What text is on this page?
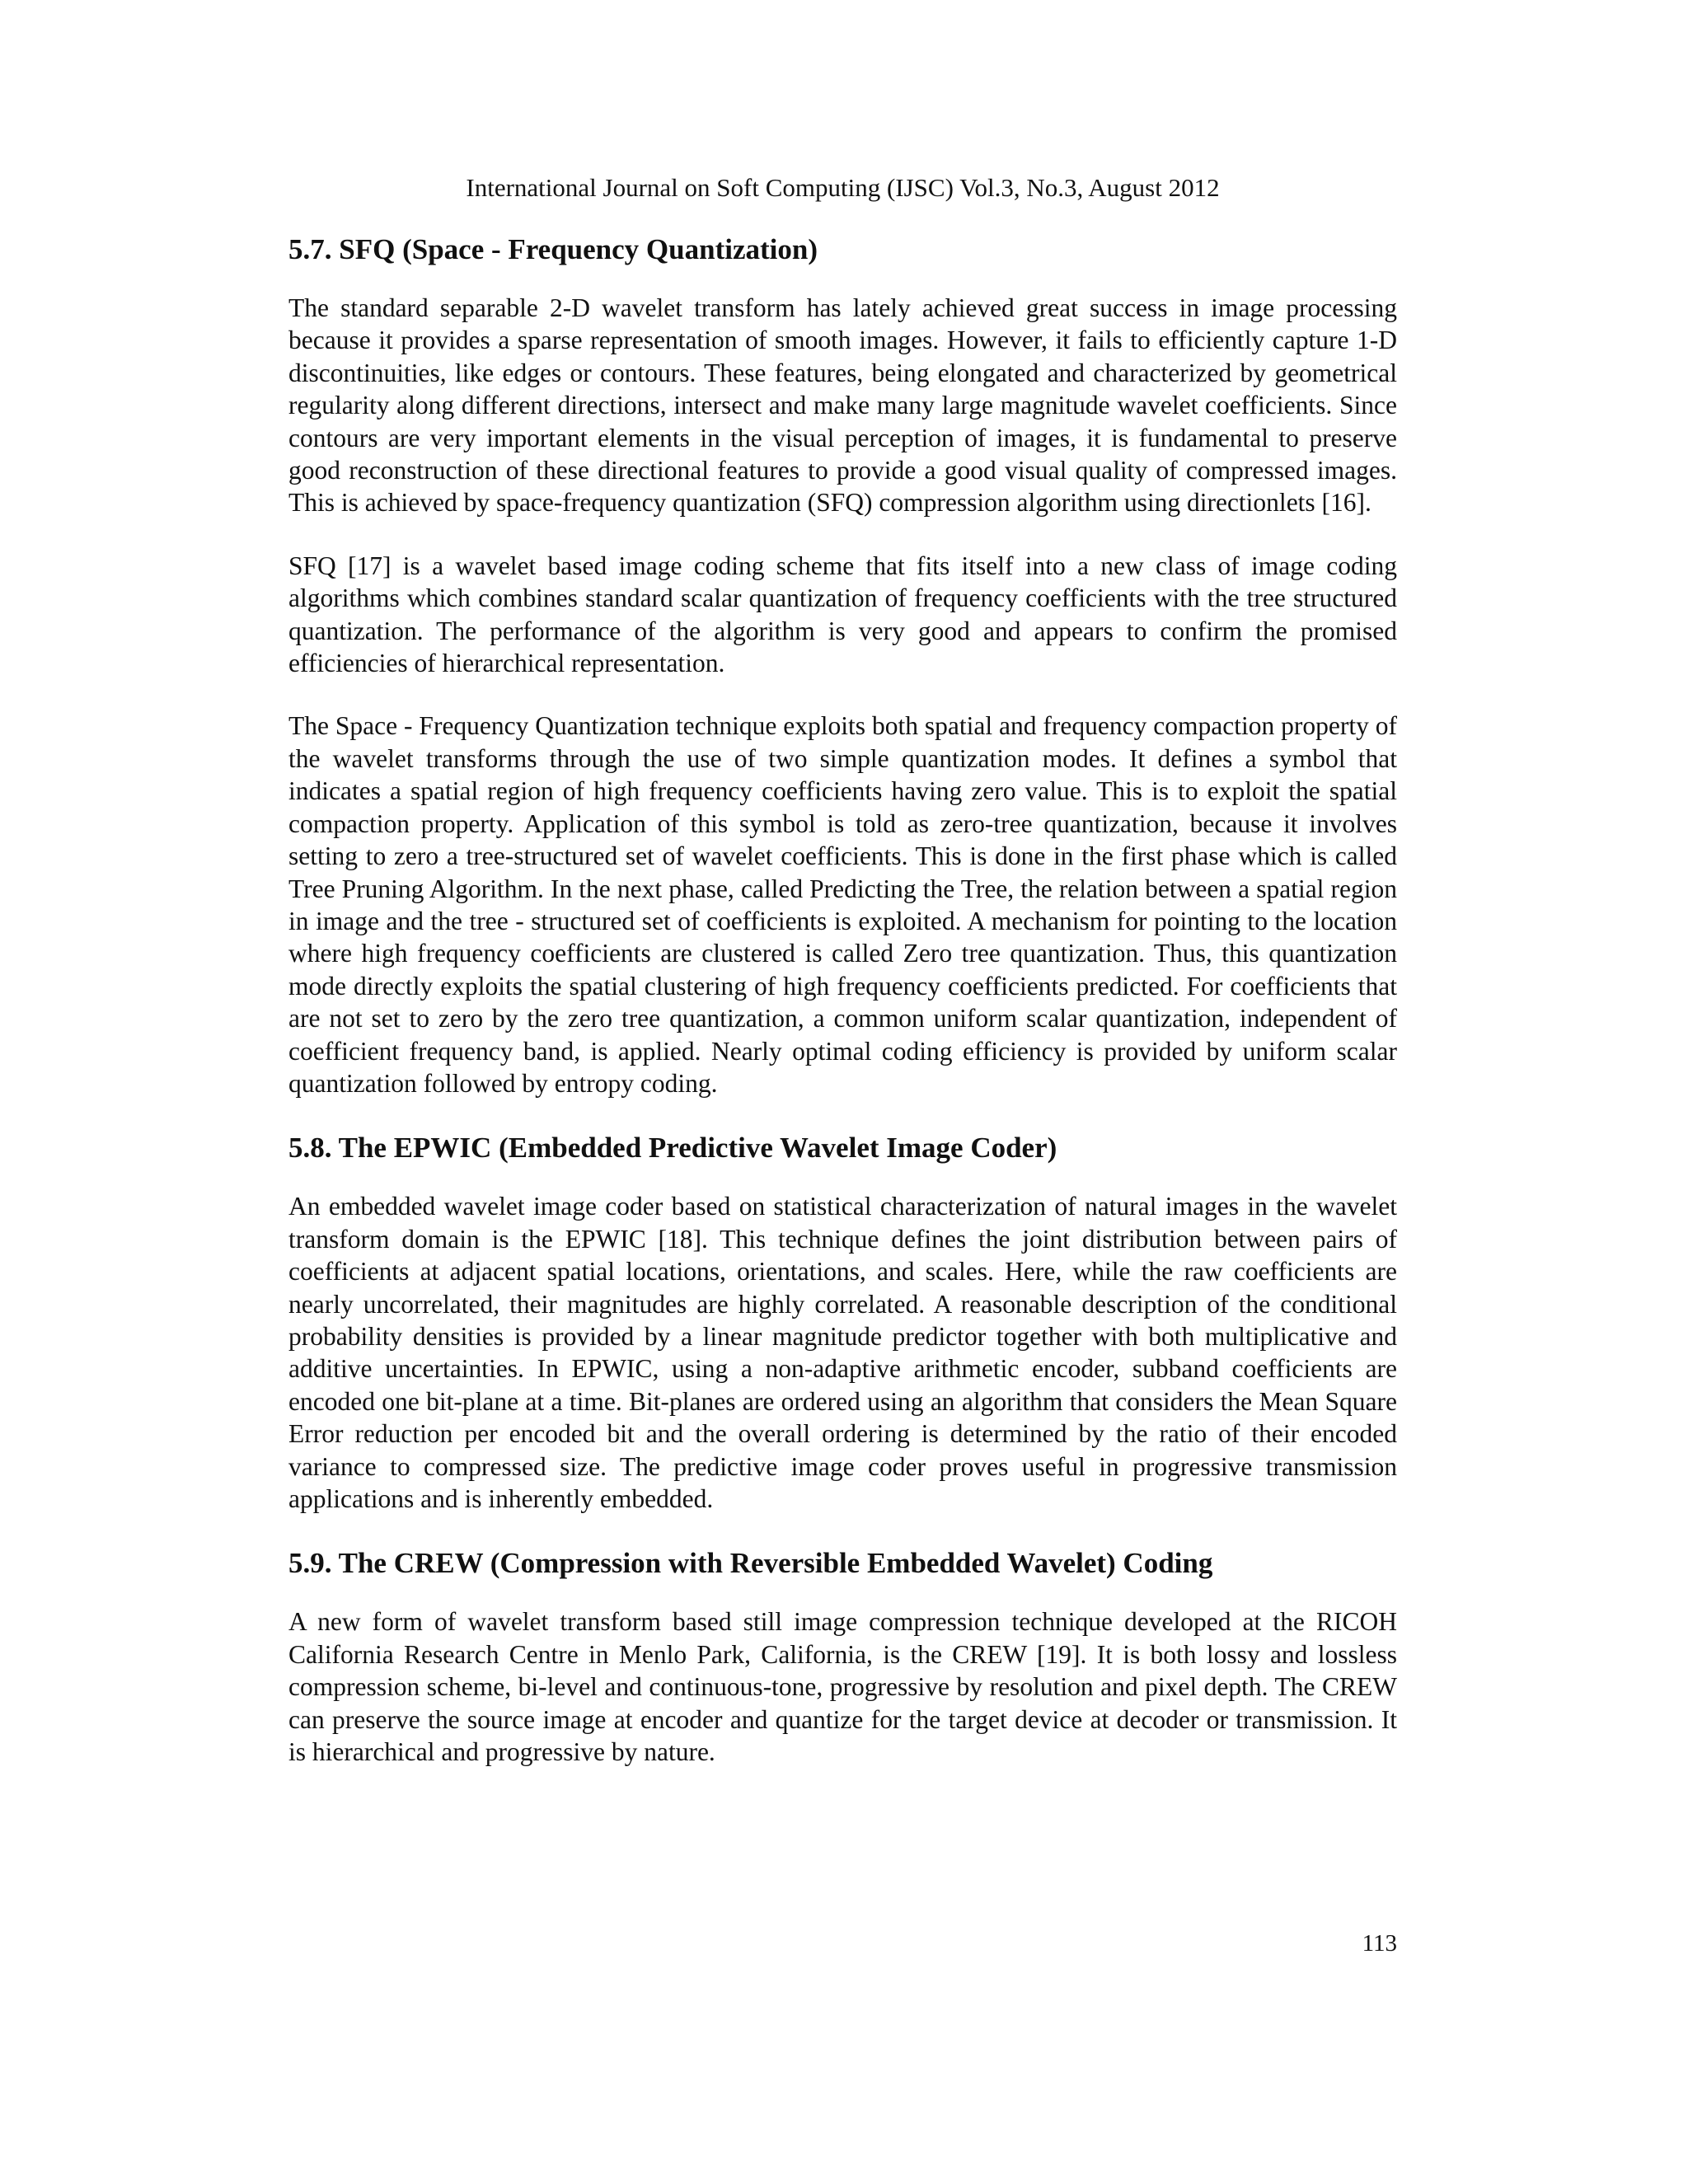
International Journal on Soft Computing (IJSC) Vol.3, No.3, August 2012
5.7. SFQ (Space - Frequency Quantization)

The standard separable 2-D wavelet transform has lately achieved great success in image processing because it provides a sparse representation of smooth images. However, it fails to efficiently capture 1-D discontinuities, like edges or contours. These features, being elongated and characterized by geometrical regularity along different directions, intersect and make many large magnitude wavelet coefficients. Since contours are very important elements in the visual perception of images, it is fundamental to preserve good reconstruction of these directional features to provide a good visual quality of compressed images. This is achieved by space-frequency quantization (SFQ) compression algorithm using directionlets [16].

SFQ [17] is a wavelet based image coding scheme that fits itself into a new class of image coding algorithms which combines standard scalar quantization of frequency coefficients with the tree structured quantization. The performance of the algorithm is very good and appears to confirm the promised efficiencies of hierarchical representation.

The Space - Frequency Quantization technique exploits both spatial and frequency compaction property of the wavelet transforms through the use of two simple quantization modes. It defines a symbol that indicates a spatial region of high frequency coefficients having zero value. This is to exploit the spatial compaction property. Application of this symbol is told as zero-tree quantization, because it involves setting to zero a tree-structured set of wavelet coefficients. This is done in the first phase which is called Tree Pruning Algorithm. In the next phase, called Predicting the Tree, the relation between a spatial region in image and the tree - structured set of coefficients is exploited. A mechanism for pointing to the location where high frequency coefficients are clustered is called Zero tree quantization. Thus, this quantization mode directly exploits the spatial clustering of high frequency coefficients predicted. For coefficients that are not set to zero by the zero tree quantization, a common uniform scalar quantization, independent of coefficient frequency band, is applied. Nearly optimal coding efficiency is provided by uniform scalar quantization followed by entropy coding.

5.8. The EPWIC (Embedded Predictive Wavelet Image Coder)

An embedded wavelet image coder based on statistical characterization of natural images in the wavelet transform domain is the EPWIC [18]. This technique defines the joint distribution between pairs of coefficients at adjacent spatial locations, orientations, and scales. Here, while the raw coefficients are nearly uncorrelated, their magnitudes are highly correlated. A reasonable description of the conditional probability densities is provided by a linear magnitude predictor together with both multiplicative and additive uncertainties. In EPWIC, using a non-adaptive arithmetic encoder, subband coefficients are encoded one bit-plane at a time. Bit-planes are ordered using an algorithm that considers the Mean Square Error reduction per encoded bit and the overall ordering is determined by the ratio of their encoded variance to compressed size. The predictive image coder proves useful in progressive transmission applications and is inherently embedded.

5.9. The CREW (Compression with Reversible Embedded Wavelet) Coding

A new form of wavelet transform based still image compression technique developed at the RICOH California Research Centre in Menlo Park, California, is the CREW [19]. It is both lossy and lossless compression scheme, bi-level and continuous-tone, progressive by resolution and pixel depth. The CREW can preserve the source image at encoder and quantize for the target device at decoder or transmission. It is hierarchical and progressive by nature.

113
